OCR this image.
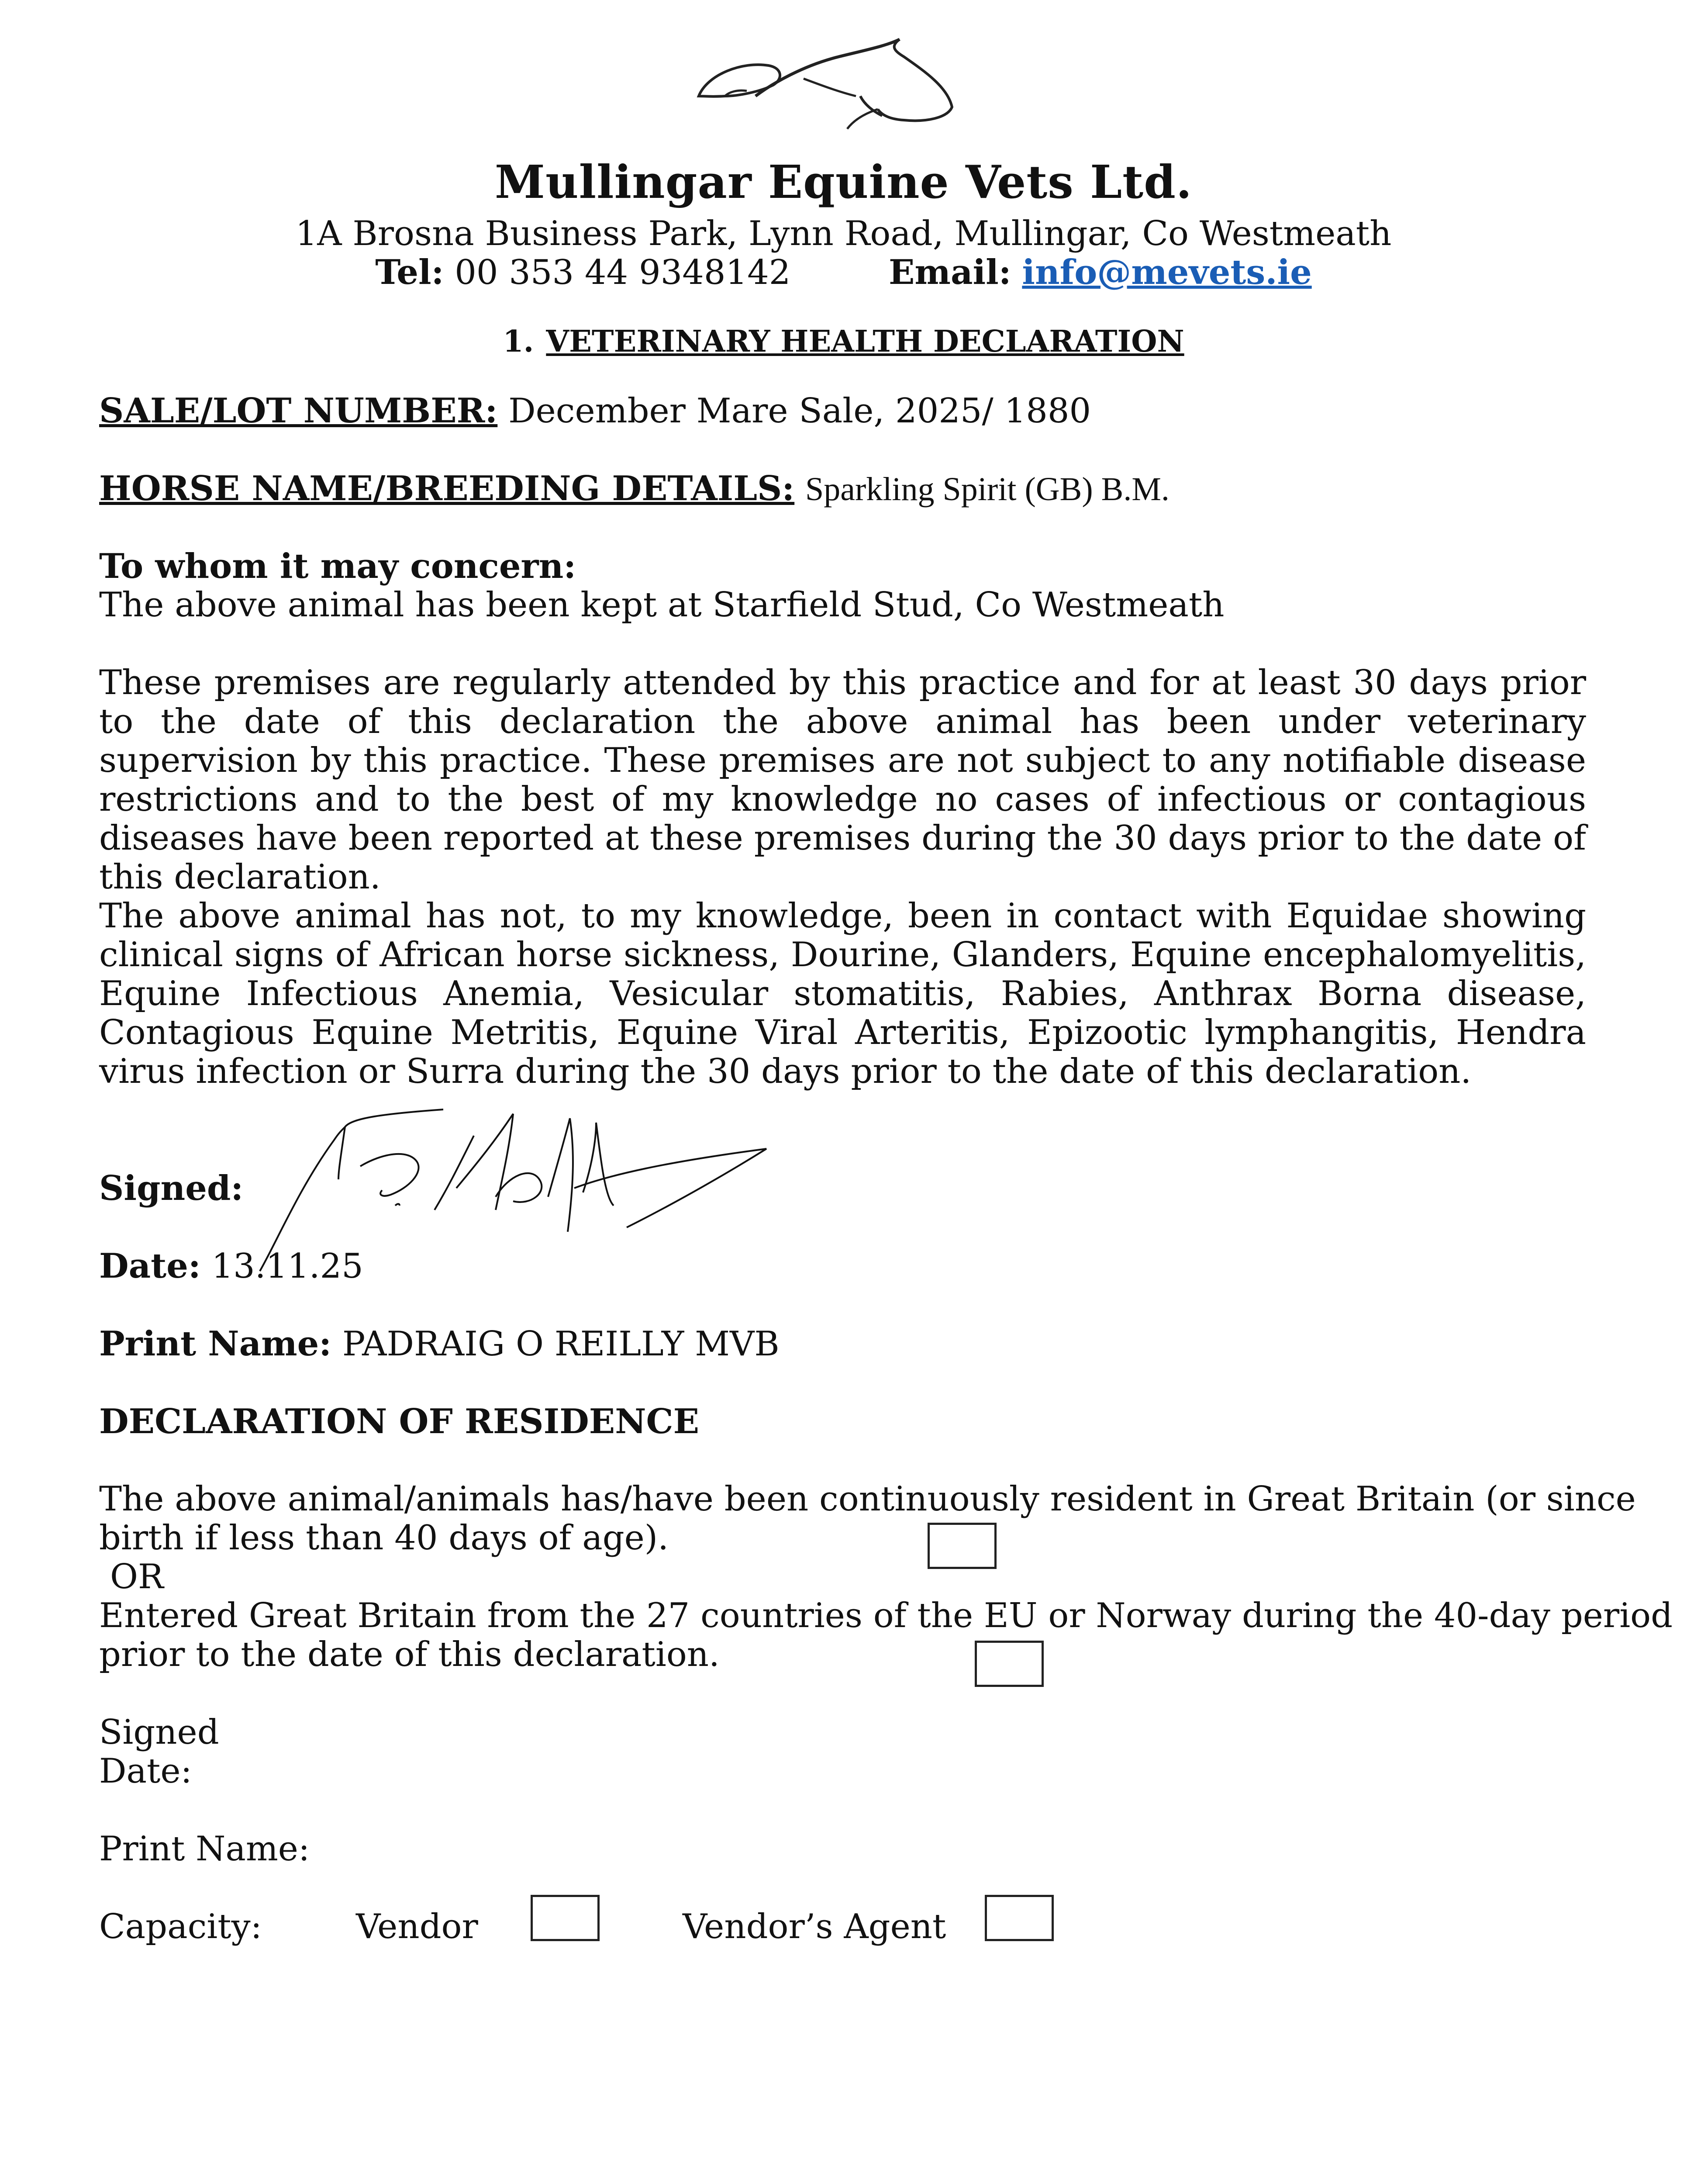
Mullingar Equine Vets Ltd.
1A Brosna Business Park, Lynn Road, Mullingar, Co Westmeath
Tel: 00 353 44 9348142	Email: info@mevets.ie
1. VETERINARY HEALTH DECLARATION
SALE/LOT NUMBER: December Mare Sale, 2025/ 1880
HORSE NAME/BREEDING DETAILS: Sparkling Spirit (GB) B.M.
To whom it may concern:
The above animal has been kept at Starfield Stud, Co Westmeath
These premises are regularly attended by this practice and for at least 30 days prior to the date of this declaration the above animal has been under veterinary supervision by this practice. These premises are not subject to any notifiable disease restrictions and to the best of my knowledge no cases of infectious or contagious diseases have been reported at these premises during the 30 days prior to the date of this declaration.
The above animal has not, to my knowledge, been in contact with Equidae showing clinical signs of African horse sickness, Dourine, Glanders, Equine encephalomyelitis, Equine Infectious Anemia, Vesicular stomatitis, Rabies, Anthrax Borna disease, Contagious Equine Metritis, Equine Viral Arteritis, Epizootic lymphangitis, Hendra virus infection or Surra during the 30 days prior to the date of this declaration.
Signed:
Date: 13.11.25
Print Name: PADRAIG O REILLY MVB
DECLARATION OF RESIDENCE
The above animal/animals has/have been continuously resident in Great Britain (or since
birth if less than 40 days of age).
OR
Entered Great Britain from the 27 countries of the EU or Norway during the 40-day period
prior to the date of this declaration.
Signed
Date:
Print Name:
Capacity:	Vendor	Vendor’s Agent
